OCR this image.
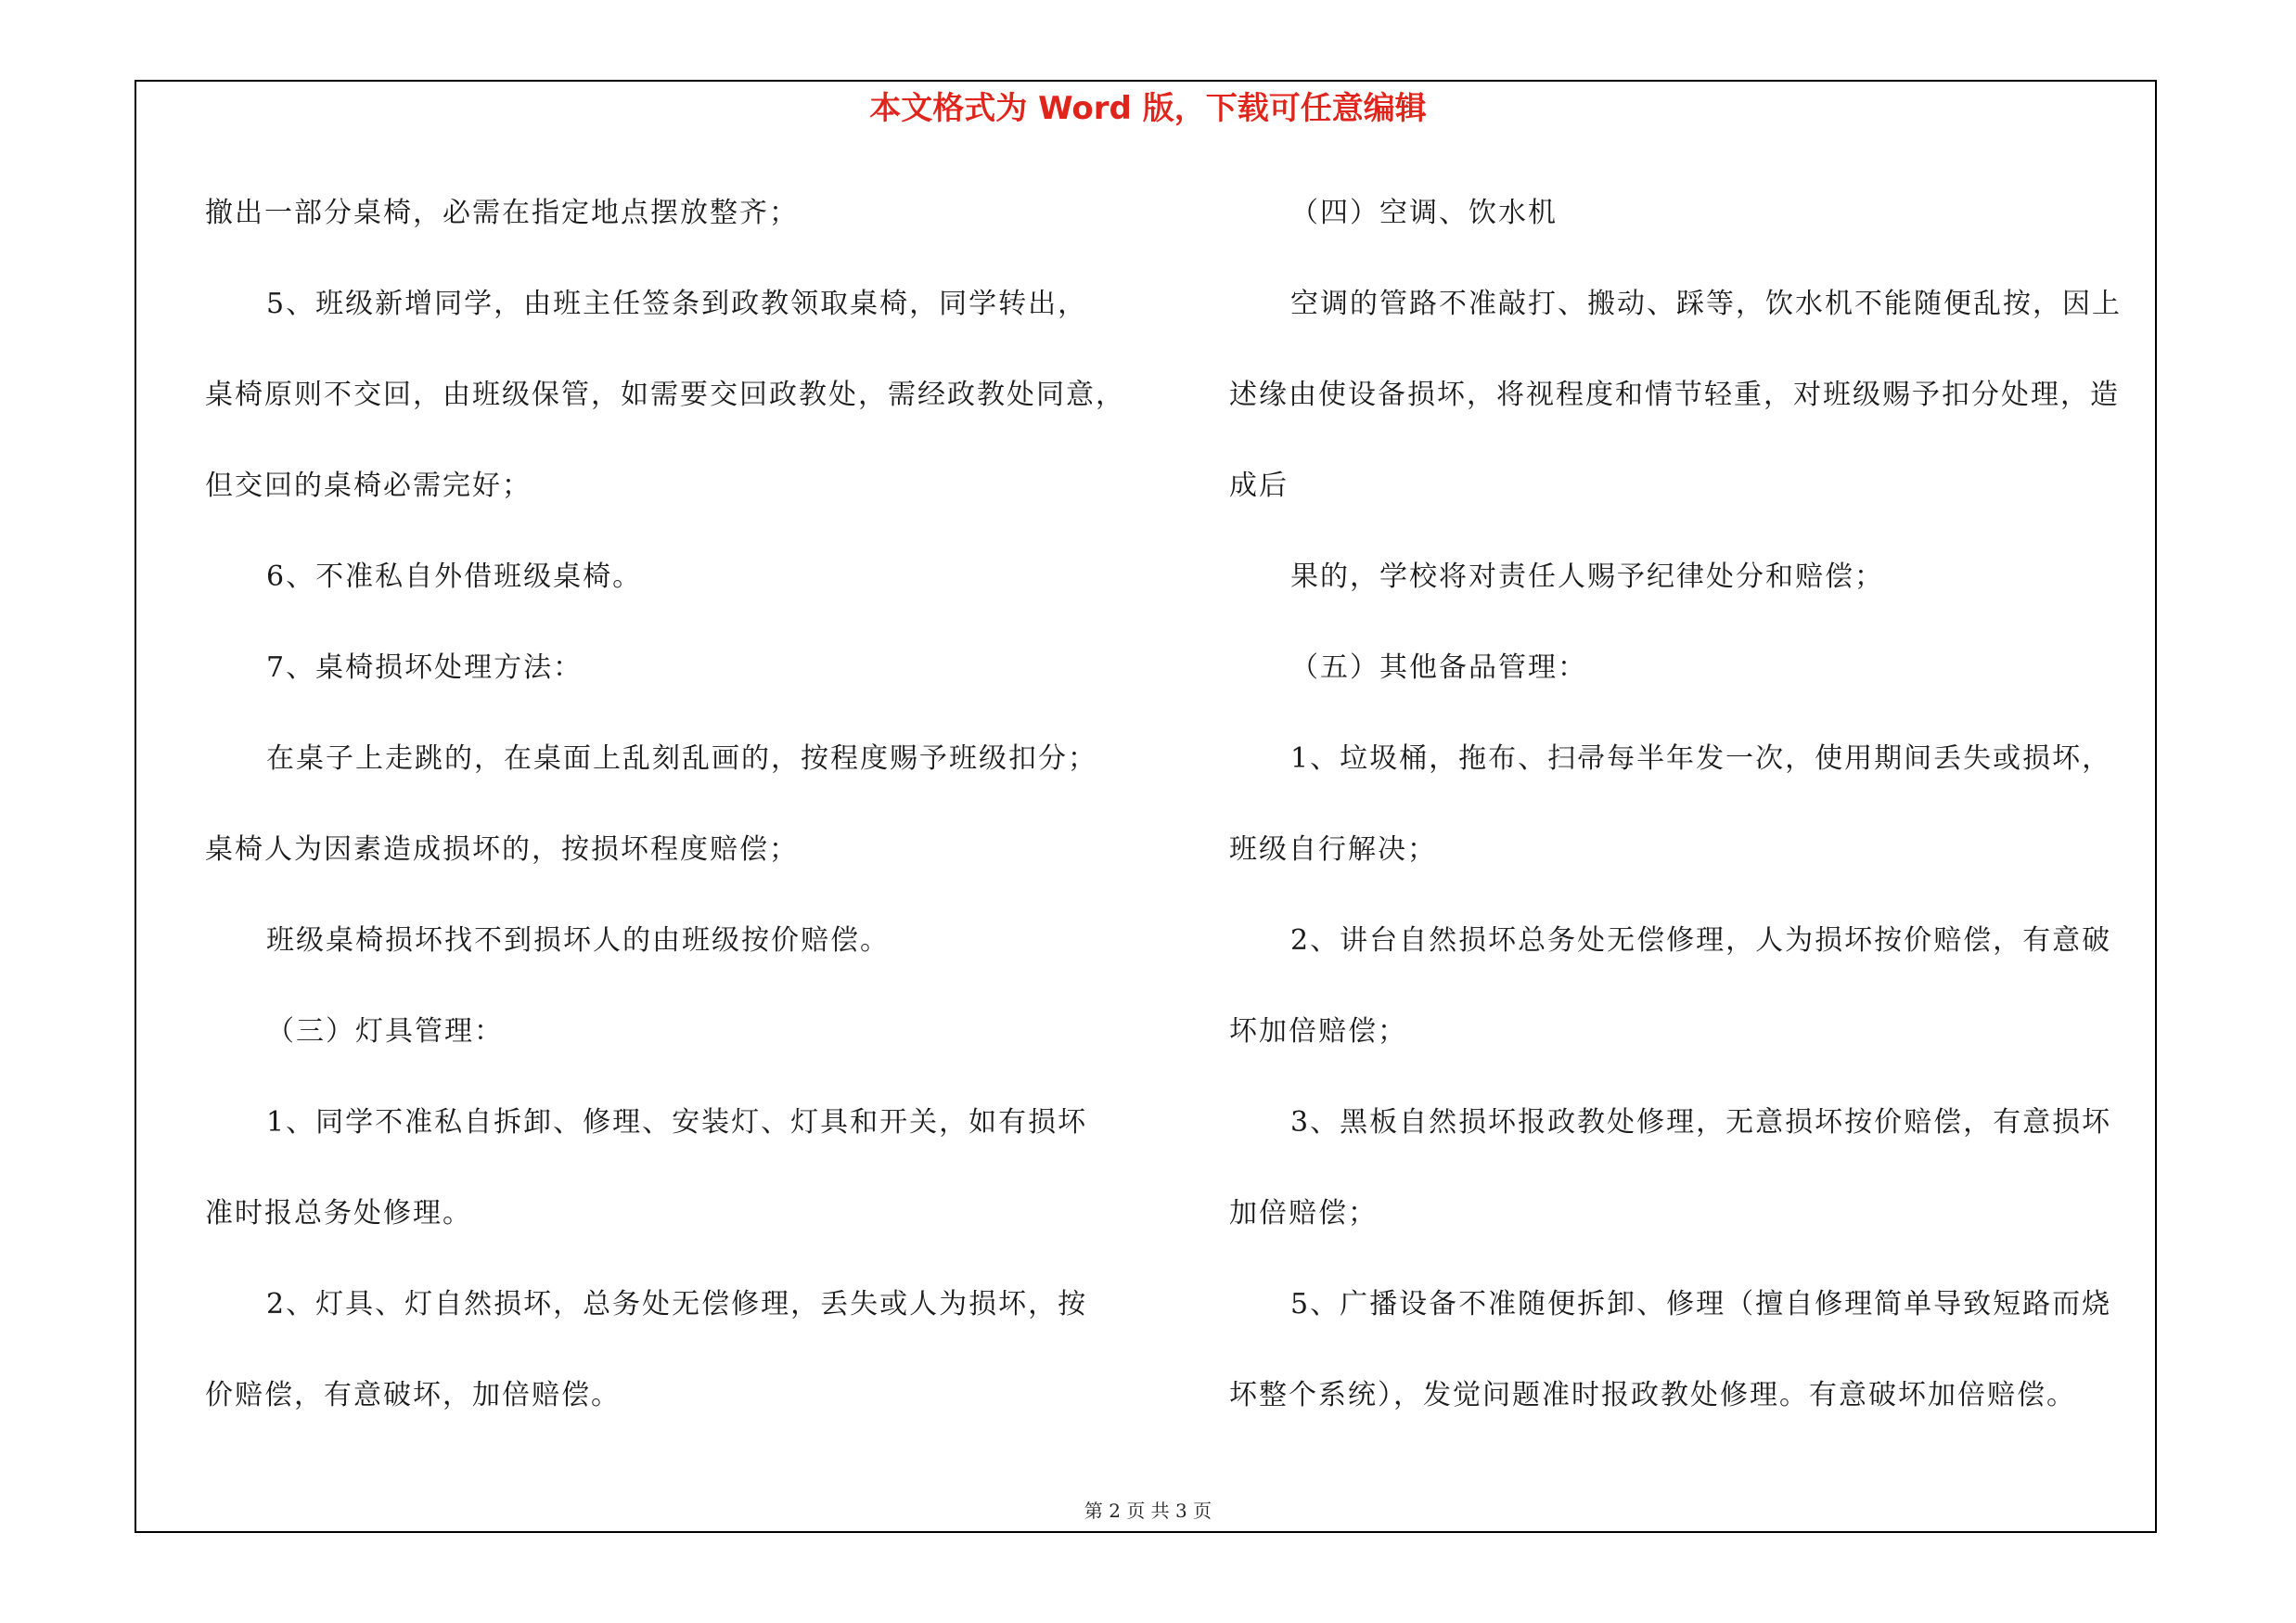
本文格式为 Word 版，下载可任意编辑
撤出一部分桌椅，必需在指定地点摆放整齐；
5、班级新增同学，由班主任签条到政教领取桌椅，同学转出，
桌椅原则不交回，由班级保管，如需要交回政教处，需经政教处同意，
但交回的桌椅必需完好；
6、不准私自外借班级桌椅。
7、桌椅损坏处理方法：
在桌子上走跳的，在桌面上乱刻乱画的，按程度赐予班级扣分；
桌椅人为因素造成损坏的，按损坏程度赔偿；
班级桌椅损坏找不到损坏人的由班级按价赔偿。
（三）灯具管理：
1、同学不准私自拆卸、修理、安装灯、灯具和开关，如有损坏
准时报总务处修理。
2、灯具、灯自然损坏，总务处无偿修理，丢失或人为损坏，按
价赔偿，有意破坏，加倍赔偿。
（四）空调、饮水机
空调的管路不准敲打、搬动、踩等，饮水机不能随便乱按，因上
述缘由使设备损坏，将视程度和情节轻重，对班级赐予扣分处理，造
成后
果的，学校将对责任人赐予纪律处分和赔偿；
（五）其他备品管理：
1、垃圾桶，拖布、扫帚每半年发一次，使用期间丢失或损坏，
班级自行解决；
2、讲台自然损坏总务处无偿修理，人为损坏按价赔偿，有意破
坏加倍赔偿；
3、黑板自然损坏报政教处修理，无意损坏按价赔偿，有意损坏
加倍赔偿；
5、广播设备不准随便拆卸、修理（擅自修理简单导致短路而烧
坏整个系统），发觉问题准时报政教处修理。有意破坏加倍赔偿。
第 2 页 共 3 页
